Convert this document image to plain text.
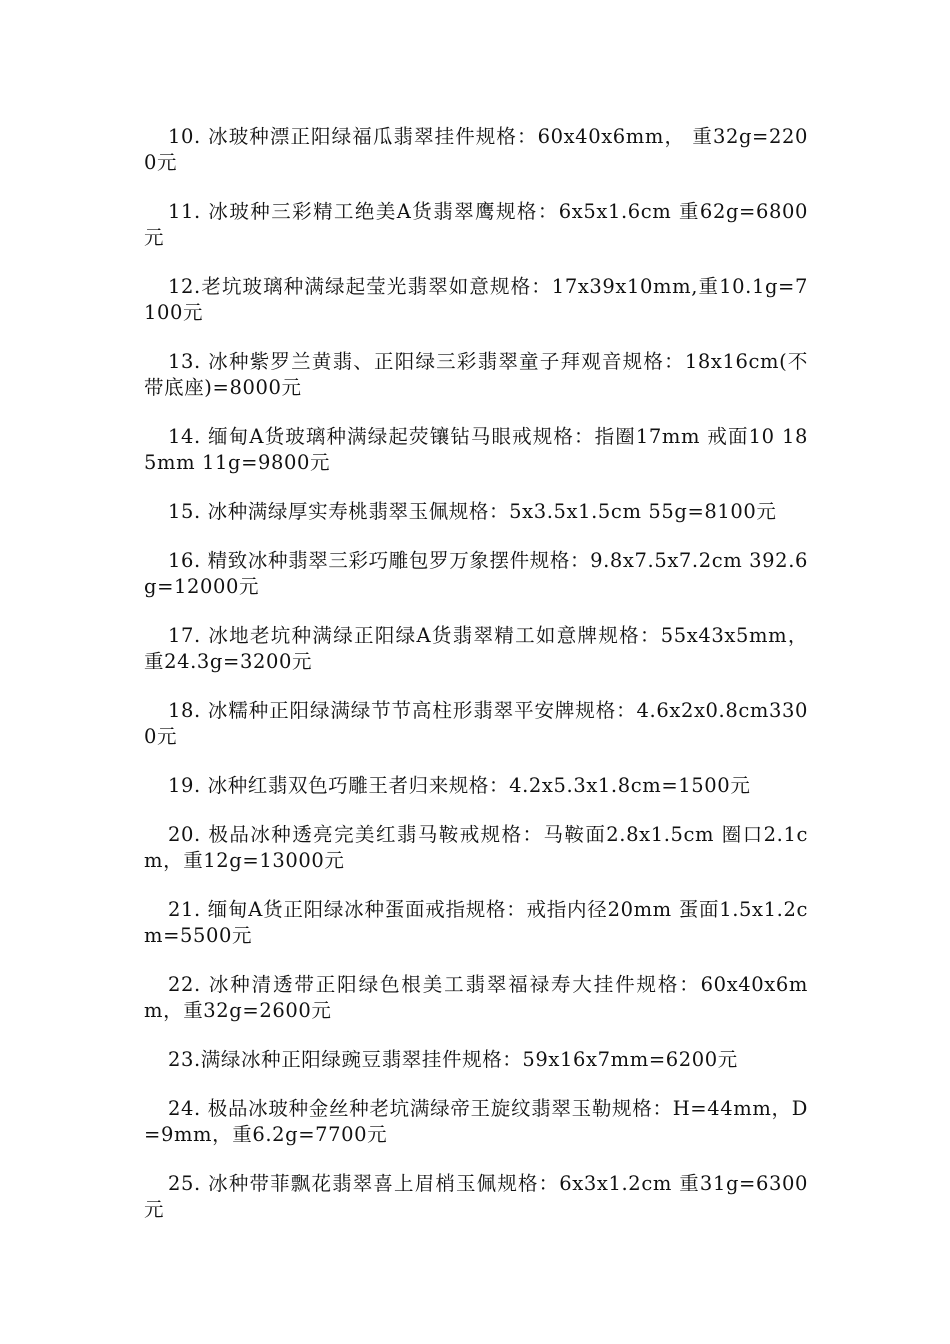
10. 冰玻种漂正阳绿福瓜翡翠挂件规格：60x40x6mm， 重32g=2200元

11. 冰玻种三彩精工绝美A货翡翠鹰规格：6x5x1.6cm 重62g=6800元

12.老坑玻璃种满绿起莹光翡翠如意规格：17x39x10mm,重10.1g=7100元

13. 冰种紫罗兰黄翡、正阳绿三彩翡翠童子拜观音规格：18x16cm(不带底座)=8000元

14. 缅甸A货玻璃种满绿起荧镶钻马眼戒规格：指圈17mm 戒面10 18 5mm 11g=9800元

15. 冰种满绿厚实寿桃翡翠玉佩规格：5x3.5x1.5cm 55g=8100元

16. 精致冰种翡翠三彩巧雕包罗万象摆件规格：9.8x7.5x7.2cm 392.6g=12000元

17. 冰地老坑种满绿正阳绿A货翡翠精工如意牌规格：55x43x5mm，重24.3g=3200元

18. 冰糯种正阳绿满绿节节高柱形翡翠平安牌规格：4.6x2x0.8cm3300元

19. 冰种红翡双色巧雕王者归来规格：4.2x5.3x1.8cm=1500元

20. 极品冰种透亮完美红翡马鞍戒规格：马鞍面2.8x1.5cm 圈口2.1cm，重12g=13000元

21. 缅甸A货正阳绿冰种蛋面戒指规格：戒指内径20mm 蛋面1.5x1.2cm=5500元

22. 冰种清透带正阳绿色根美工翡翠福禄寿大挂件规格：60x40x6mm，重32g=2600元

23.满绿冰种正阳绿豌豆翡翠挂件规格：59x16x7mm=6200元

24. 极品冰玻种金丝种老坑满绿帝王旋纹翡翠玉勒规格：H=44mm，D=9mm，重6.2g=7700元

25. 冰种带菲飘花翡翠喜上眉梢玉佩规格：6x3x1.2cm 重31g=6300元
